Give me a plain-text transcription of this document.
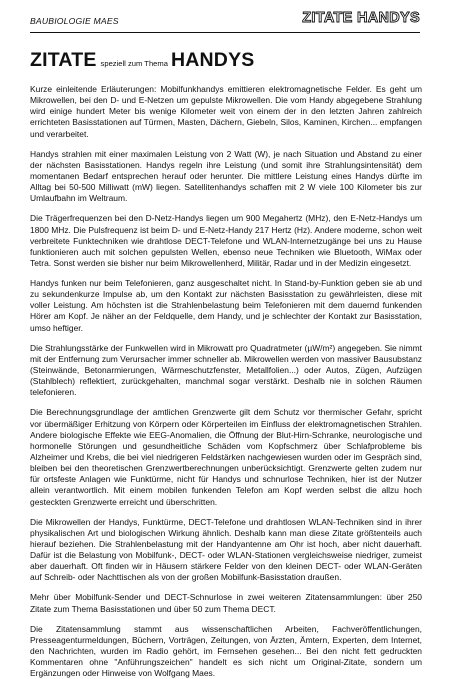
BAUBIOLOGIE MAES	ZITATE HANDYS
ZITATE speziell zum Thema HANDYS

Kurze einleitende Erläuterungen: Mobilfunkhandys emittieren elektromagnetische Felder. Es geht um Mikrowellen, bei den D- und E-Netzen um gepulste Mikrowellen. Die vom Handy abgegebene Strahlung wird einige hundert Meter bis wenige Kilometer weit von einem der in den letzten Jahren zahlreich errichteten Basisstationen auf Türmen, Masten, Dächern, Giebeln, Silos, Kaminen, Kirchen... empfangen und verarbeitet.

Handys strahlen mit einer maximalen Leistung von 2 Watt (W), je nach Situation und Abstand zu einer der nächsten Basisstationen. Handys regeln ihre Leistung (und somit ihre Strahlungsintensität) dem momentanen Bedarf entsprechen herauf oder herunter. Die mittlere Leistung eines Handys dürfte im Alltag bei 50-500 Milliwatt (mW) liegen. Satellitenhandys schaffen mit 2 W viele 100 Kilometer bis zur Umlaufbahn im Weltraum.

Die Trägerfrequenzen bei den D-Netz-Handys liegen um 900 Megahertz (MHz), den E-Netz-Handys um 1800 MHz. Die Pulsfrequenz ist beim D- und E-Netz-Handy 217 Hertz (Hz). Andere moderne, schon weit verbreitete Funktechniken wie drahtlose DECT-Telefone und WLAN-Internetzugänge bei uns zu Hause funktionieren auch mit solchen gepulsten Wellen, ebenso neue Techniken wie Bluetooth, WiMax oder Tetra. Sonst werden sie bisher nur beim Mikrowellenherd, Militär, Radar und in der Medizin eingesetzt.

Handys funken nur beim Telefonieren, ganz ausgeschaltet nicht. In Stand-by-Funktion geben sie ab und zu sekundenkurze Impulse ab, um den Kontakt zur nächsten Basisstation zu gewährleisten, diese mit voller Leistung. Am höchsten ist die Strahlenbelastung beim Telefonieren mit dem dauernd funkenden Hörer am Kopf. Je näher an der Feldquelle, dem Handy, und je schlechter der Kontakt zur Basisstation, umso heftiger.

Die Strahlungsstärke der Funkwellen wird in Mikrowatt pro Quadratmeter (µW/m²) angegeben. Sie nimmt mit der Entfernung zum Verursacher immer schneller ab. Mikrowellen werden von massiver Bausubstanz (Steinwände, Betonarmierungen, Wärmeschutzfenster, Metallfolien...) oder Autos, Zügen, Aufzügen (Stahlblech) reflektiert, zurückgehalten, manchmal sogar verstärkt. Deshalb nie in solchen Räumen telefonieren.

Die Berechnungsgrundlage der amtlichen Grenzwerte gilt dem Schutz vor thermischer Gefahr, spricht vor übermäßiger Erhitzung von Körpern oder Körperteilen im Einfluss der elektromagnetischen Strahlen. Andere biologische Effekte wie EEG-Anomalien, die Öffnung der Blut-Hirn-Schranke, neurologische und hormonelle Störungen und gesundheitliche Schäden vom Kopfschmerz über Schlafprobleme bis Alzheimer und Krebs, die bei viel niedrigeren Feldstärken nachgewiesen wurden oder im Gespräch sind, bleiben bei den theoretischen Grenzwertberechnungen unberücksichtigt. Grenzwerte gelten zudem nur für ortsfeste Anlagen wie Funktürme, nicht für Handys und schnurlose Techniken, hier ist der Nutzer allein verantwortlich. Mit einem mobilen funkenden Telefon am Kopf werden selbst die allzu hoch gesteckten Grenzwerte erreicht und überschritten.

Die Mikrowellen der Handys, Funktürme, DECT-Telefone und drahtlosen WLAN-Techniken sind in ihrer physikalischen Art und biologischen Wirkung ähnlich. Deshalb kann man diese Zitate größtenteils auch hierauf beziehen. Die Strahlenbelastung mit der Handyantenne am Ohr ist hoch, aber nicht dauerhaft. Dafür ist die Belastung von Mobilfunk-, DECT- oder WLAN-Stationen vergleichsweise niedriger, zumeist aber dauerhaft. Oft finden wir in Häusern stärkere Felder von den kleinen DECT- oder WLAN-Geräten auf Schreib- oder Nachttischen als von der großen Mobilfunk-Basisstation draußen.

Mehr über Mobilfunk-Sender und DECT-Schnurlose in zwei weiteren Zitatensammlungen: über 250 Zitate zum Thema Basisstationen und über 50 zum Thema DECT.

Die Zitatensammlung stammt aus wissenschaftlichen Arbeiten, Fachveröffentlichungen, Presseagenturmeldungen, Büchern, Vorträgen, Zeitungen, von Ärzten, Ämtern, Experten, dem Internet, den Nachrichten, wurden im Radio gehört, im Fernsehen gesehen... Bei den nicht fett gedruckten Kommentaren ohne "Anführungszeichen" handelt es sich nicht um Original-Zitate, sondern um Ergänzungen oder Hinweise von Wolfgang Maes.
